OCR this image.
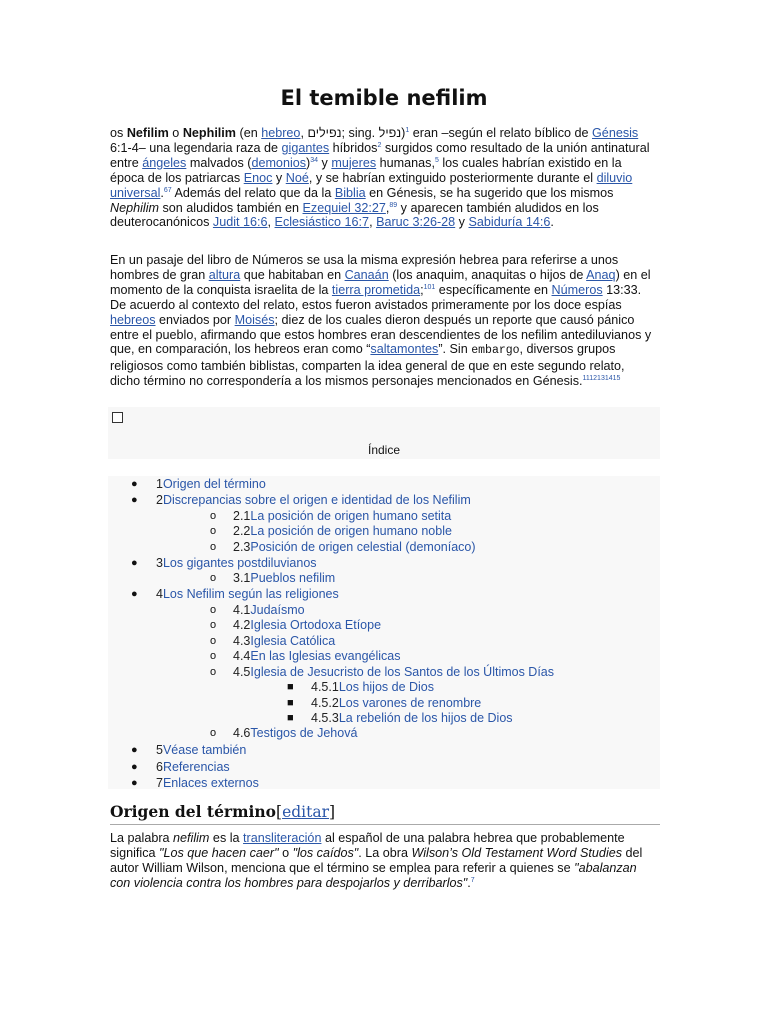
El temible nefilim

os Nefilim o Nephilim (en hebreo, נפילים; sing. נפיל)$^1$ eran –según el relato bíblico de Génesis 6:1-4– una legendaria raza de gigantes híbridos$^2$ surgidos como resultado de la unión antinatural entre ángeles malvados (demonios)$^{34}$ y mujeres humanas,$^5$ los cuales habrían existido en la época de los patriarcas Enoc y Noé, y se habrían extinguido posteriormente durante el diluvio universal.$^{67}$ Además del relato que da la Biblia en Génesis, se ha sugerido que los mismos Nephilim son aludidos también en Ezequiel 32:27,89 y aparecen también aludidos en los deuterocanónicos Judit 16:6, Eclesiástico 16:7, Baruc 3:26-28 y Sabiduría 14:6.

En un pasaje del libro de Números se usa la misma expresión hebrea para referirse a unos hombres de gran altura que habitaban en Canaán (los anaquim, anaquitas o hijos de Anaq) en el momento de la conquista israelita de la tierra prometida;$^{101}$ específicamente en Números 13:33. De acuerdo al contexto del relato, estos fueron avistados primeramente por los doce espías hebreos enviados por Moisés; diez de los cuales dieron después un reporte que causó pánico entre el pueblo, afirmando que estos hombres eran descendientes de los nefilim antediluvianos y que, en comparación, los hebreos eran como “saltamontes”. Sin embargo, diversos grupos religiosos como también biblistas, comparten la idea general de que en este segundo relato, dicho término no correspondería a los mismos personajes mencionados en Génesis.$^{1112131415}$

Índice
● 1Origen del término
● 2Discrepancias sobre el origen e identidad de los Nefilim
o 2.1La posición de origen humano setita
o 2.2La posición de origen humano noble
o 2.3Posición de origen celestial (demoníaco)
● 3Los gigantes postdiluvianos
o 3.1Pueblos nefilim
● 4Los Nefilim según las religiones
o 4.1Judaísmo
o 4.2Iglesia Ortodoxa Etíope
o 4.3Iglesia Católica
o 4.4En las Iglesias evangélicas
o 4.5Iglesia de Jesucristo de los Santos de los Últimos Días
■ 4.5.1Los hijos de Dios
■ 4.5.2Los varones de renombre
■ 4.5.3La rebelión de los hijos de Dios
o 4.6Testigos de Jehová
● 5Véase también
● 6Referencias
● 7Enlaces externos
Origen del término[editar]

La palabra nefilim es la transliteración al español de una palabra hebrea que probablemente significa "Los que hacen caer" o "los caídos". La obra Wilson’s Old Testament Word Studies del autor William Wilson, menciona que el término se emplea para referir a quienes se "abalanzan con violencia contra los hombres para despojarlos y derribarlos".$^7$
